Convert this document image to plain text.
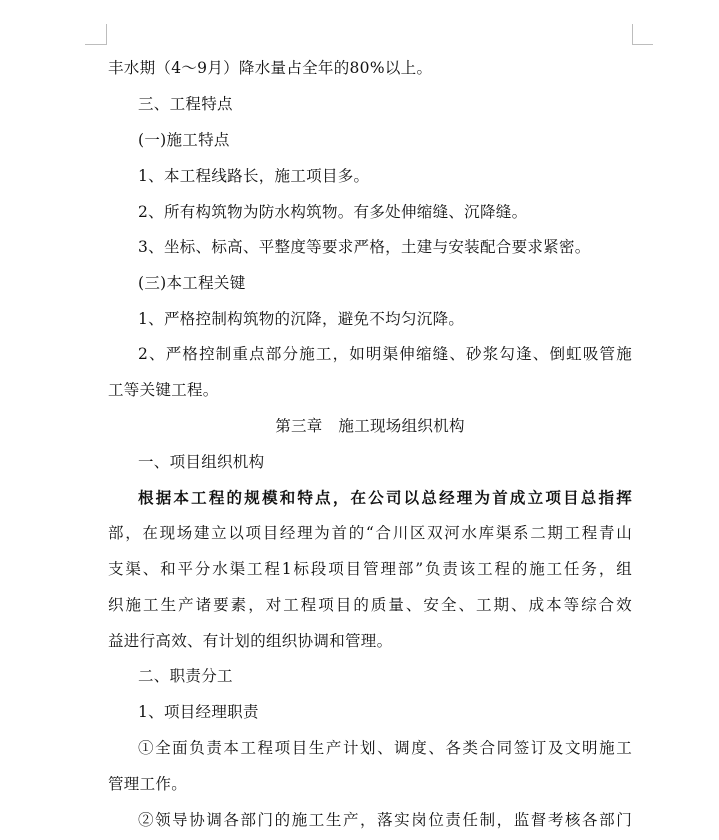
丰水期（4～9月）降水量占全年的80%以上。
三、工程特点
(一)施工特点
1、本工程线路长，施工项目多。
2、所有构筑物为防水构筑物。有多处伸缩缝、沉降缝。
3、坐标、标高、平整度等要求严格，土建与安装配合要求紧密。
(三)本工程关键
1、严格控制构筑物的沉降，避免不均匀沉降。
2、严格控制重点部分施工，如明渠伸缩缝、砂浆勾逢、倒虹吸管施
工等关键工程。
第三章　施工现场组织机构
一、项目组织机构
根据本工程的规模和特点，在公司以总经理为首成立项目总指挥
部，在现场建立以项目经理为首的“合川区双河水库渠系二期工程青山
支渠、和平分水渠工程1标段项目管理部”负责该工程的施工任务，组
织施工生产诸要素，对工程项目的质量、安全、工期、成本等综合效
益进行高效、有计划的组织协调和管理。
二、职责分工
1、项目经理职责
①全面负责本工程项目生产计划、调度、各类合同签订及文明施工
管理工作。
②领导协调各部门的施工生产，落实岗位责任制，监督考核各部门
